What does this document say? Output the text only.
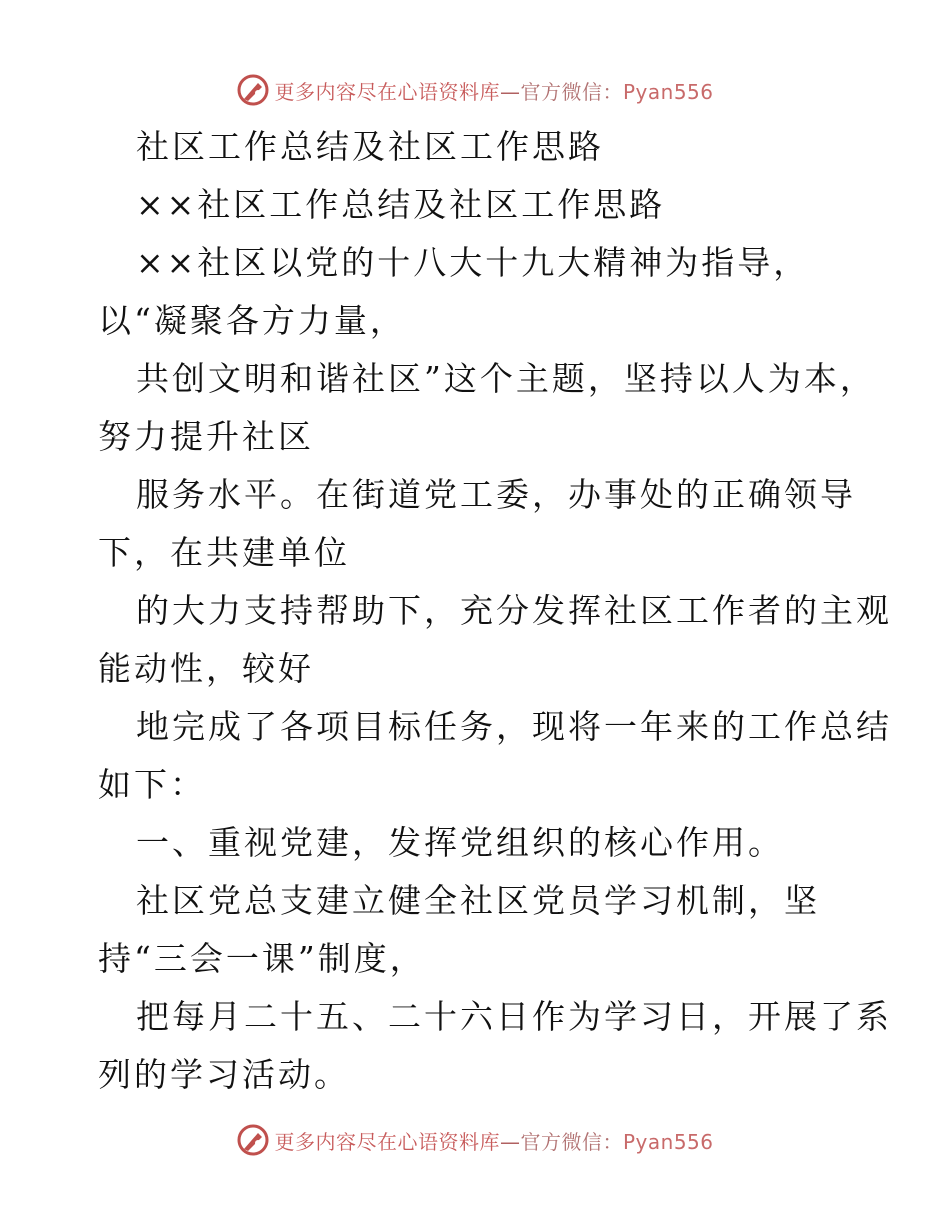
更多内容尽在心语资料库—官方微信：Pyan556
社区工作总结及社区工作思路
××社区工作总结及社区工作思路
××社区以党的十八大十九大精神为指导，
以“凝聚各方力量，
共创文明和谐社区”这个主题，坚持以人为本，
努力提升社区
服务水平。在街道党工委，办事处的正确领导
下，在共建单位
的大力支持帮助下，充分发挥社区工作者的主观
能动性，较好
地完成了各项目标任务，现将一年来的工作总结
如下：
一、重视党建，发挥党组织的核心作用。
社区党总支建立健全社区党员学习机制，坚
持“三会一课”制度，
把每月二十五、二十六日作为学习日，开展了系
列的学习活动。
更多内容尽在心语资料库—官方微信：Pyan556
